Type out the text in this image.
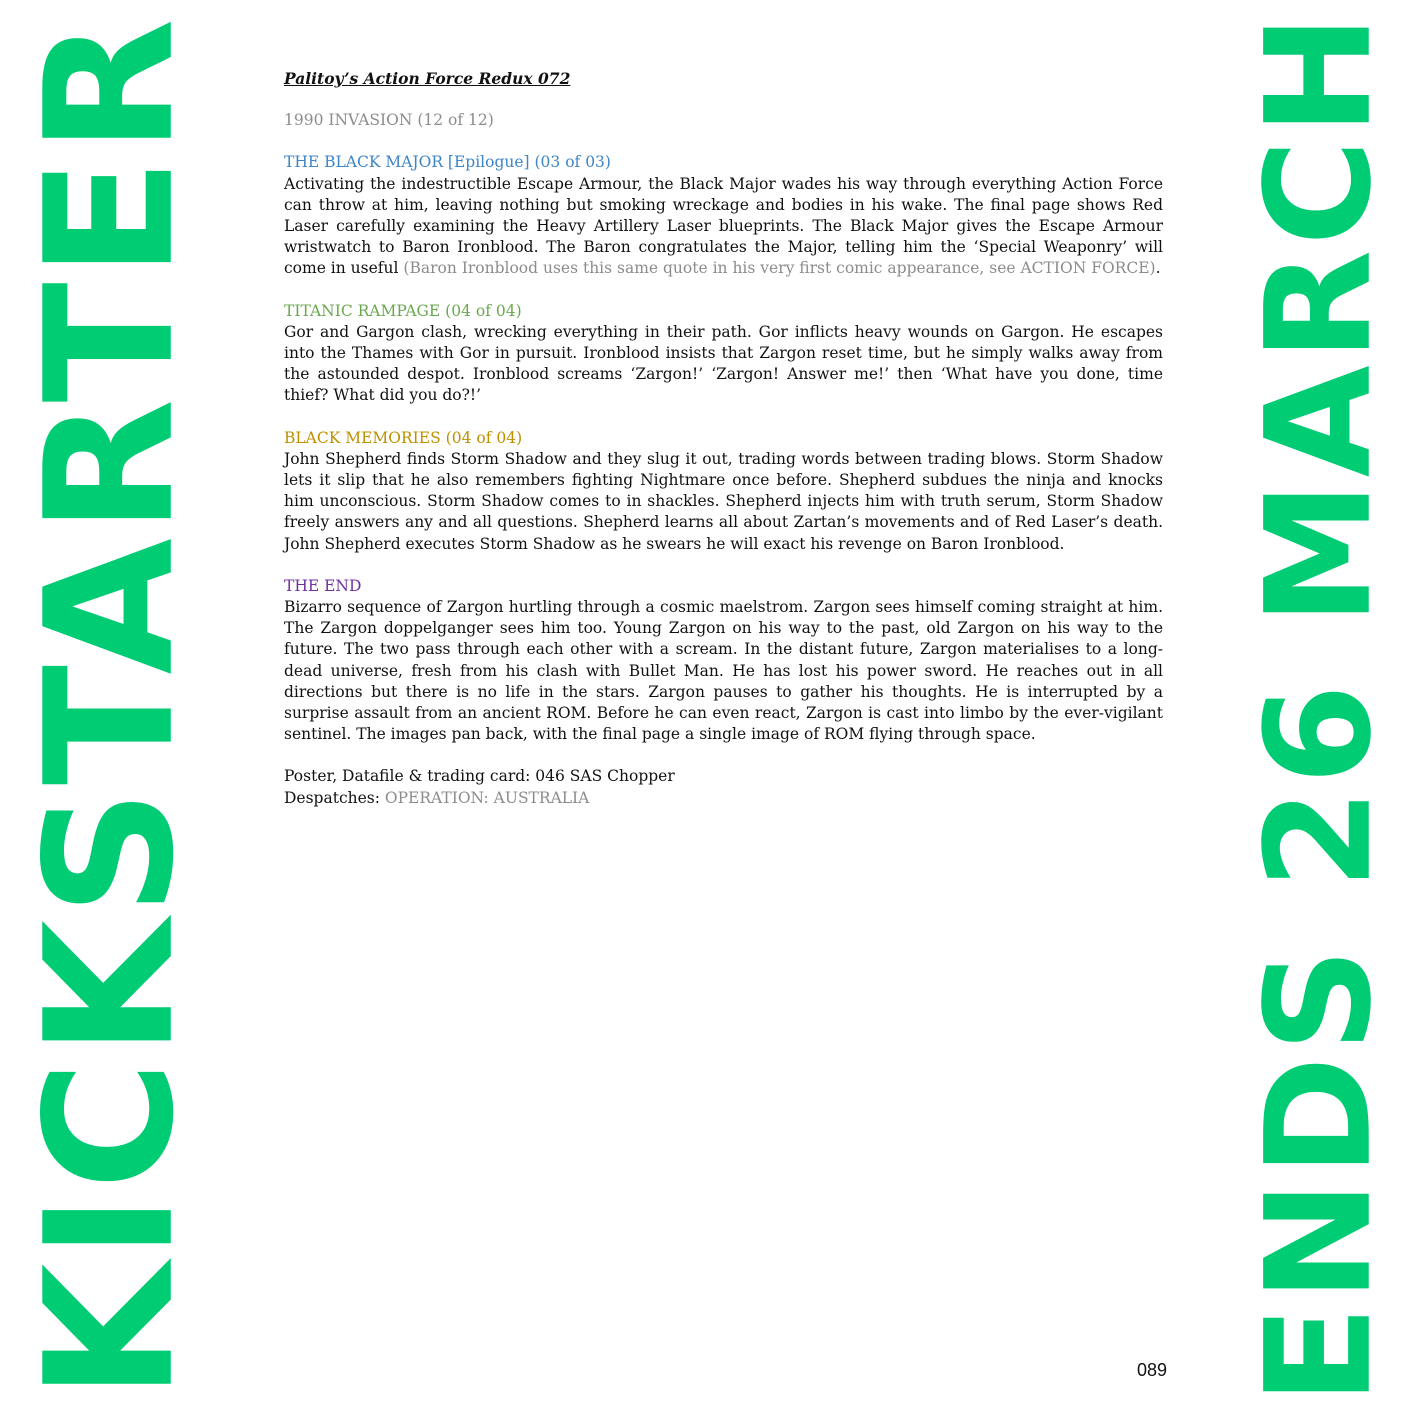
KICKSTARTER	ENDS 26 MARCH

Palitoy’s Action Force Redux 072

1990 INVASION (12 of 12)

THE BLACK MAJOR [Epilogue] (03 of 03)

Activating the indestructible Escape Armour, the Black Major wades his way through everything Action Force can throw at him, leaving nothing but smoking wreckage and bodies in his wake. The final page shows Red Laser carefully examining the Heavy Artillery Laser blueprints. The Black Major gives the Escape Armour wristwatch to Baron Ironblood. The Baron congratulates the Major, telling him the ‘Special Weaponry’ will come in useful (Baron Ironblood uses this same quote in his very first comic appearance, see ACTION FORCE).

TITANIC RAMPAGE (04 of 04)

Gor and Gargon clash, wrecking everything in their path. Gor inflicts heavy wounds on Gargon. He escapes into the Thames with Gor in pursuit. Ironblood insists that Zargon reset time, but he simply walks away from the astounded despot. Ironblood screams ‘Zargon!’ ‘Zargon! Answer me!’ then ‘What have you done, time thief? What did you do?!’

BLACK MEMORIES (04 of 04)

John Shepherd finds Storm Shadow and they slug it out, trading words between trading blows. Storm Shadow lets it slip that he also remembers fighting Nightmare once before. Shepherd subdues the ninja and knocks him unconscious. Storm Shadow comes to in shackles. Shepherd injects him with truth serum, Storm Shadow freely answers any and all questions. Shepherd learns all about Zartan’s movements and of Red Laser’s death. John Shepherd executes Storm Shadow as he swears he will exact his revenge on Baron Ironblood.

THE END

Bizarro sequence of Zargon hurtling through a cosmic maelstrom. Zargon sees himself coming straight at him. The Zargon doppelganger sees him too. Young Zargon on his way to the past, old Zargon on his way to the future. The two pass through each other with a scream. In the distant future, Zargon materialises to a long-dead universe, fresh from his clash with Bullet Man. He has lost his power sword. He reaches out in all directions but there is no life in the stars. Zargon pauses to gather his thoughts. He is interrupted by a surprise assault from an ancient ROM. Before he can even react, Zargon is cast into limbo by the ever-vigilant sentinel. The images pan back, with the final page a single image of ROM flying through space.

Poster, Datafile & trading card: 046 SAS Chopper

Despatches: OPERATION: AUSTRALIA

089
